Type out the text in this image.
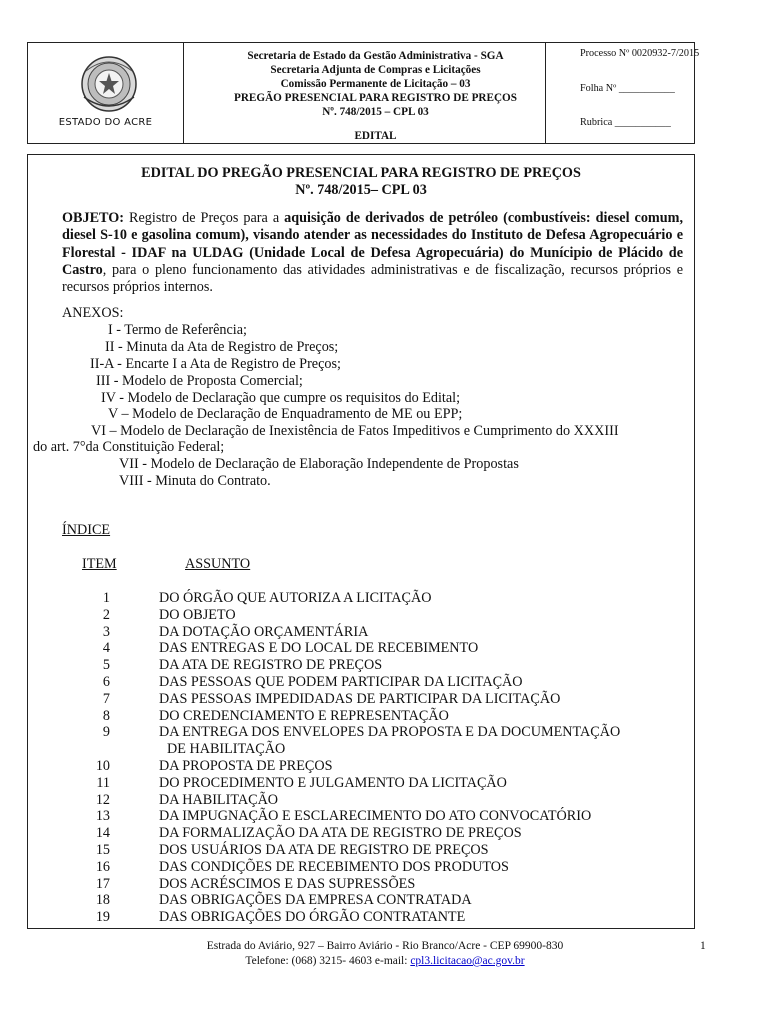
ESTADO DO ACRE
Secretaria de Estado da Gestão Administrativa - SGA
Secretaria Adjunta de Compras e Licitações
Comissão Permanente de Licitação – 03
PREGÃO PRESENCIAL PARA REGISTRO DE PREÇOS
Nº. 748/2015 – CPL 03
EDITAL
Processo Nº 0020932-7/2015
Folha Nº ___________
Rubrica ___________
EDITAL DO PREGÃO PRESENCIAL PARA REGISTRO DE PREÇOS
Nº. 748/2015– CPL 03
OBJETO: Registro de Preços para a aquisição de derivados de petróleo (combustíveis: diesel comum, diesel S-10 e gasolina comum), visando atender as necessidades do Instituto de Defesa Agropecuário e Florestal - IDAF na ULDAG (Unidade Local de Defesa Agropecuária) do Munícipio de Plácido de Castro, para o pleno funcionamento das atividades administrativas e de fiscalização, recursos próprios e recursos próprios internos.
ANEXOS:
I - Termo de Referência;
II - Minuta da Ata de Registro de Preços;
II-A - Encarte I a Ata de Registro de Preços;
III - Modelo de Proposta Comercial;
IV - Modelo de Declaração que cumpre os requisitos do Edital;
V – Modelo de Declaração de Enquadramento de ME ou EPP;
VI – Modelo de Declaração de Inexistência de Fatos Impeditivos e Cumprimento do XXXIII
do art. 7°da Constituição Federal;
VII - Modelo de Declaração de Elaboração Independente de Propostas
VIII - Minuta do Contrato.
ÍNDICE
ITEM	ASSUNTO
1	DO ÓRGÃO QUE AUTORIZA A LICITAÇÃO
2	DO OBJETO
3	DA DOTAÇÃO ORÇAMENTÁRIA
4	DAS ENTREGAS E DO LOCAL DE RECEBIMENTO
5	DA ATA DE REGISTRO DE PREÇOS
6	DAS PESSOAS QUE PODEM PARTICIPAR DA LICITAÇÃO
7	DAS PESSOAS IMPEDIDADAS DE PARTICIPAR DA LICITAÇÃO
8	DO CREDENCIAMENTO E REPRESENTAÇÃO
9	DA ENTREGA DOS ENVELOPES DA PROPOSTA E DA DOCUMENTAÇÃO
DE HABILITAÇÃO
10	DA PROPOSTA DE PREÇOS
11	DO PROCEDIMENTO E JULGAMENTO DA LICITAÇÃO
12	DA HABILITAÇÃO
13	DA IMPUGNAÇÃO E ESCLARECIMENTO DO ATO CONVOCATÓRIO
14	DA FORMALIZAÇÃO DA ATA DE REGISTRO DE PREÇOS
15	DOS USUÁRIOS DA ATA DE REGISTRO DE PREÇOS
16	DAS CONDIÇÕES DE RECEBIMENTO DOS PRODUTOS
17	DOS ACRÉSCIMOS E DAS SUPRESSÕES
18	DAS OBRIGAÇÕES DA EMPRESA CONTRATADA
19	DAS OBRIGAÇÕES DO ÓRGÃO CONTRATANTE
Estrada do Aviário, 927 – Bairro Aviário - Rio Branco/Acre - CEP 69900-830
Telefone: (068) 3215- 4603 e-mail: cpl3.licitacao@ac.gov.br
1
